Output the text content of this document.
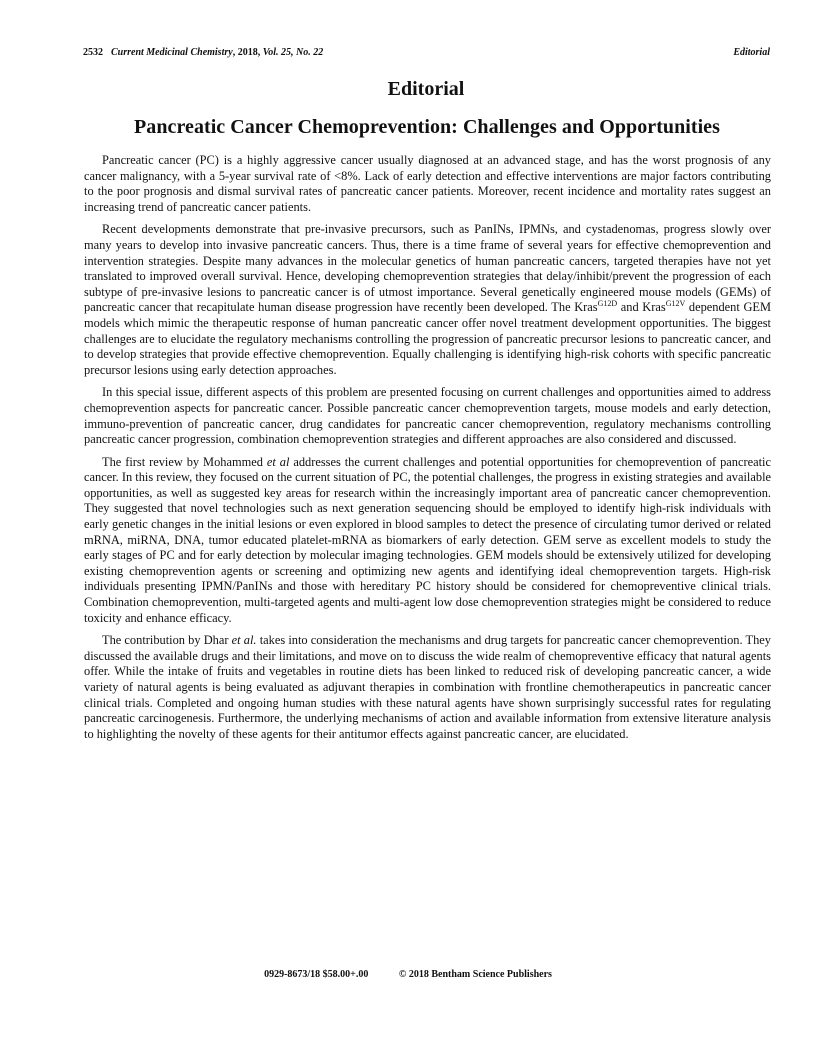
2532 Current Medicinal Chemistry, 2018, Vol. 25, No. 22	Editorial
Editorial
Pancreatic Cancer Chemoprevention: Challenges and Opportunities

Pancreatic cancer (PC) is a highly aggressive cancer usually diagnosed at an advanced stage, and has the worst prognosis of any cancer malignancy, with a 5-year survival rate of <8%. Lack of early detection and effective interventions are major factors contributing to the poor prognosis and dismal survival rates of pancreatic cancer patients. Moreover, recent incidence and mortality rates suggest an increasing trend of pancreatic cancer patients.

Recent developments demonstrate that pre-invasive precursors, such as PanINs, IPMNs, and cystadenomas, progress slowly over many years to develop into invasive pancreatic cancers. Thus, there is a time frame of several years for effective chemoprevention and intervention strategies. Despite many advances in the molecular genetics of human pancreatic cancers, targeted therapies have not yet translated to improved overall survival. Hence, developing chemoprevention strategies that delay/inhibit/prevent the progression of each subtype of pre-invasive lesions to pancreatic cancer is of utmost importance. Several genetically engineered mouse models (GEMs) of pancreatic cancer that recapitulate human disease progression have recently been developed. The Kras$^{G12D}$ and Kras$^{G12V}$ dependent GEM models which mimic the therapeutic response of human pancreatic cancer offer novel treatment development opportunities. The biggest challenges are to elucidate the regulatory mechanisms controlling the progression of pancreatic precursor lesions to pancreatic cancer, and to develop strategies that provide effective chemoprevention. Equally challenging is identifying high-risk cohorts with specific pancreatic precursor lesions using early detection approaches.

In this special issue, different aspects of this problem are presented focusing on current challenges and opportunities aimed to address chemoprevention aspects for pancreatic cancer. Possible pancreatic cancer chemoprevention targets, mouse models and early detection, immuno-prevention of pancreatic cancer, drug candidates for pancreatic cancer chemoprevention, regulatory mechanisms controlling pancreatic cancer progression, combination chemoprevention strategies and different approaches are also considered and discussed.

The first review by Mohammed et al addresses the current challenges and potential opportunities for chemoprevention of pancreatic cancer. In this review, they focused on the current situation of PC, the potential challenges, the progress in existing strategies and available opportunities, as well as suggested key areas for research within the increasingly important area of pancreatic cancer chemoprevention. They suggested that novel technologies such as next generation sequencing should be employed to identify high-risk individuals with early genetic changes in the initial lesions or even explored in blood samples to detect the presence of circulating tumor derived or related mRNA, miRNA, DNA, tumor educated platelet-mRNA as biomarkers of early detection. GEM serve as excellent models to study the early stages of PC and for early detection by molecular imaging technologies. GEM models should be extensively utilized for developing existing chemoprevention agents or screening and optimizing new agents and identifying ideal chemoprevention targets. High-risk individuals presenting IPMN/PanINs and those with hereditary PC history should be considered for chemopreventive clinical trials. Combination chemoprevention, multi-targeted agents and multi-agent low dose chemoprevention strategies might be considered to reduce toxicity and enhance efficacy.

The contribution by Dhar et al. takes into consideration the mechanisms and drug targets for pancreatic cancer chemoprevention. They discussed the available drugs and their limitations, and move on to discuss the wide realm of chemopreventive efficacy that natural agents offer. While the intake of fruits and vegetables in routine diets has been linked to reduced risk of developing pancreatic cancer, a wide variety of natural agents is being evaluated as adjuvant therapies in combination with frontline chemotherapeutics in pancreatic cancer clinical trials. Completed and ongoing human studies with these natural agents have shown surprisingly successful rates for regulating pancreatic carcinogenesis. Furthermore, the underlying mechanisms of action and available information from extensive literature analysis to highlighting the novelty of these agents for their antitumor effects against pancreatic cancer, are elucidated.

0929-8673/18 $58.00+.00	© 2018 Bentham Science Publishers
